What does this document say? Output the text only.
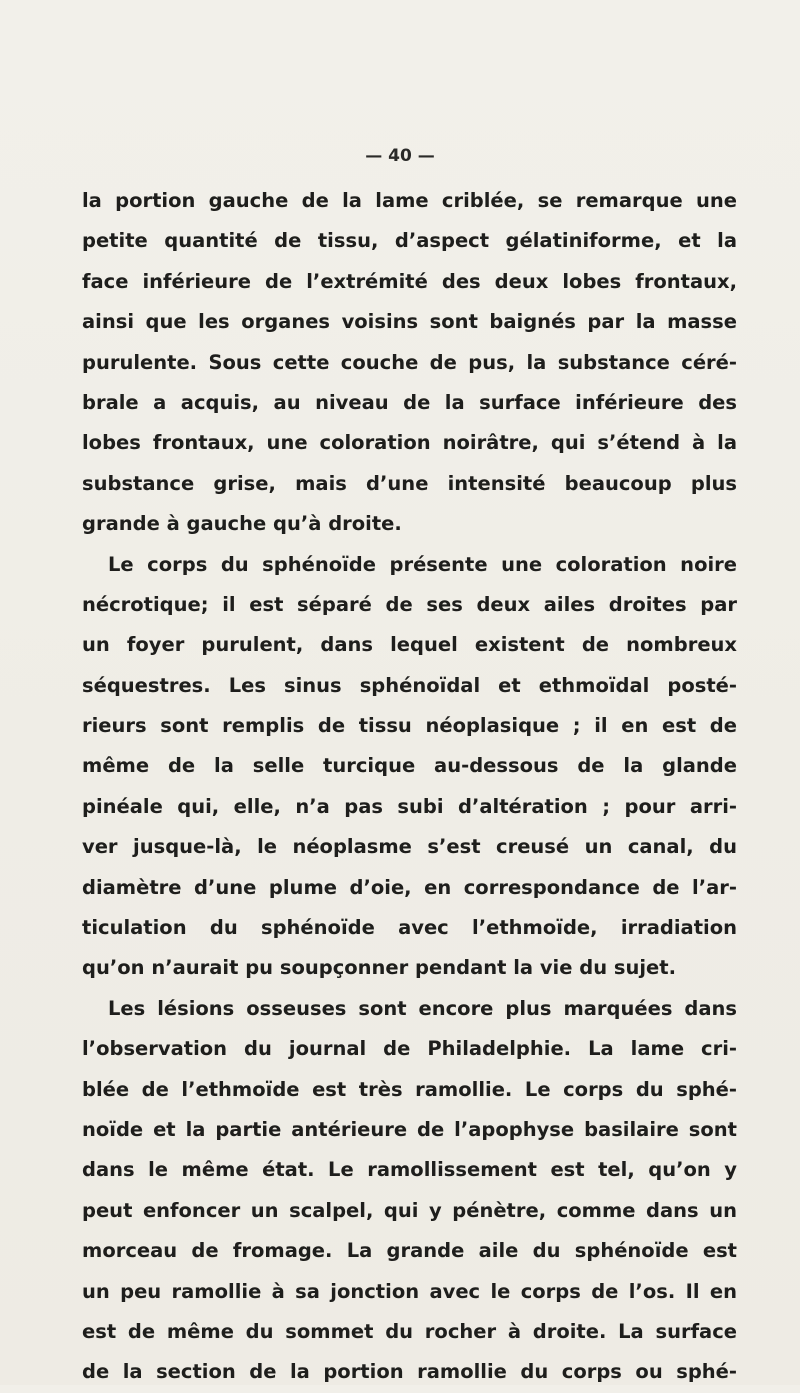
— 40 —
la portion gauche de la lame criblée, se remarque une
petite quantité de tissu, d’aspect gélatiniforme, et la
face inférieure de l’extrémité des deux lobes frontaux,
ainsi que les organes voisins sont baignés par la masse
purulente. Sous cette couche de pus, la substance céré-
brale a acquis, au niveau de la surface inférieure des
lobes frontaux, une coloration noirâtre, qui s’étend à la
substance grise, mais d’une intensité beaucoup plus
grande à gauche qu’à droite.
Le corps du sphénoïde présente une coloration noire
nécrotique; il est séparé de ses deux ailes droites par
un foyer purulent, dans lequel existent de nombreux
séquestres. Les sinus sphénoïdal et ethmoïdal posté-
rieurs sont remplis de tissu néoplasique ; il en est de
même de la selle turcique au-dessous de la glande
pinéale qui, elle, n’a pas subi d’altération ; pour arri-
ver jusque-là, le néoplasme s’est creusé un canal, du
diamètre d’une plume d’oie, en correspondance de l’ar-
ticulation du sphénoïde avec l’ethmoïde, irradiation
qu’on n’aurait pu soupçonner pendant la vie du sujet.
Les lésions osseuses sont encore plus marquées dans
l’observation du journal de Philadelphie. La lame cri-
blée de l’ethmoïde est très ramollie. Le corps du sphé-
noïde et la partie antérieure de l’apophyse basilaire sont
dans le même état. Le ramollissement est tel, qu’on y
peut enfoncer un scalpel, qui y pénètre, comme dans un
morceau de fromage. La grande aile du sphénoïde est
un peu ramollie à sa jonction avec le corps de l’os. Il en
est de même du sommet du rocher à droite. La surface
de la section de la portion ramollie du corps ou sphé-
